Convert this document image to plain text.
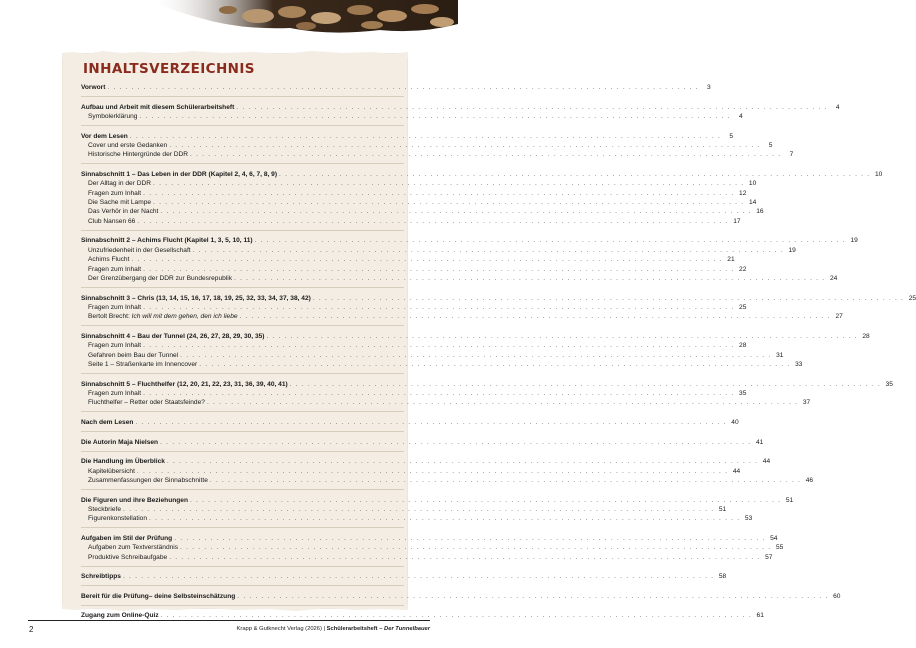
INHALTSVERZEICHNIS
Vorwort . . .	3
Aufbau und Arbeit mit diesem Schülerarbeitsheft . . .	4
Symbolerklärung . . .	4
Vor dem Lesen . . .	5
Cover und erste Gedanken . . .	5
Historische Hintergründe der DDR . . .	7
Sinnabschnitt 1 – Das Leben in der DDR (Kapitel 2, 4, 6, 7, 8, 9) . . .	10
Der Alltag in der DDR . . .	10
Fragen zum Inhalt . . .	12
Die Sache mit Lampe . . .	14
Das Verhör in der Nacht . . .	16
Club Nansen 66 . . .	17
Sinnabschnitt 2 – Achims Flucht (Kapitel 1, 3, 5, 10, 11) . . .	19
Unzufriedenheit in der Gesellschaft . . .	19
Achims Flucht . . .	21
Fragen zum Inhalt . . .	22
Der Grenzübergang der DDR zur Bundesrepublik . . .	24
Sinnabschnitt 3 – Chris (13, 14, 15, 16, 17, 18, 19, 25, 32, 33, 34, 37, 38, 42) . . .	25
Fragen zum Inhalt . . .	25
Bertolt Brecht: Ich will mit dem gehen, den ich liebe . . .	27
Sinnabschnitt 4 – Bau der Tunnel (24, 26, 27, 28, 29, 30, 35) . . .	28
Fragen zum Inhalt . . .	28
Gefahren beim Bau der Tunnel . . .	31
Seite 1 – Straßenkarte im Innencover . . .	33
Sinnabschnitt 5 – Fluchthelfer (12, 20, 21, 22, 23, 31, 36, 39, 40, 41) . . .	35
Fragen zum Inhalt . . .	35
Fluchthelfer – Retter oder Staatsfeinde? . . .	37
Nach dem Lesen . . .	40
Die Autorin Maja Nielsen . . .	41
Die Handlung im Überblick . . .	44
Kapitelübersicht . . .	44
Zusammenfassungen der Sinnabschnitte . . .	46
Die Figuren und ihre Beziehungen . . .	51
Steckbriefe . . .	51
Figurenkonstellation . . .	53
Aufgaben im Stil der Prüfung . . .	54
Aufgaben zum Textverständnis . . .	55
Produktive Schreibaufgabe . . .	57
Schreibtipps . . .	58
Bereit für die Prüfung– deine Selbsteinschätzung . . .	60
Zugang zum Online-Quiz . . .	61
2	Krapp & Gutknecht Verlag (2026) | Schülerarbeitsheft – Der Tunnelbauer
